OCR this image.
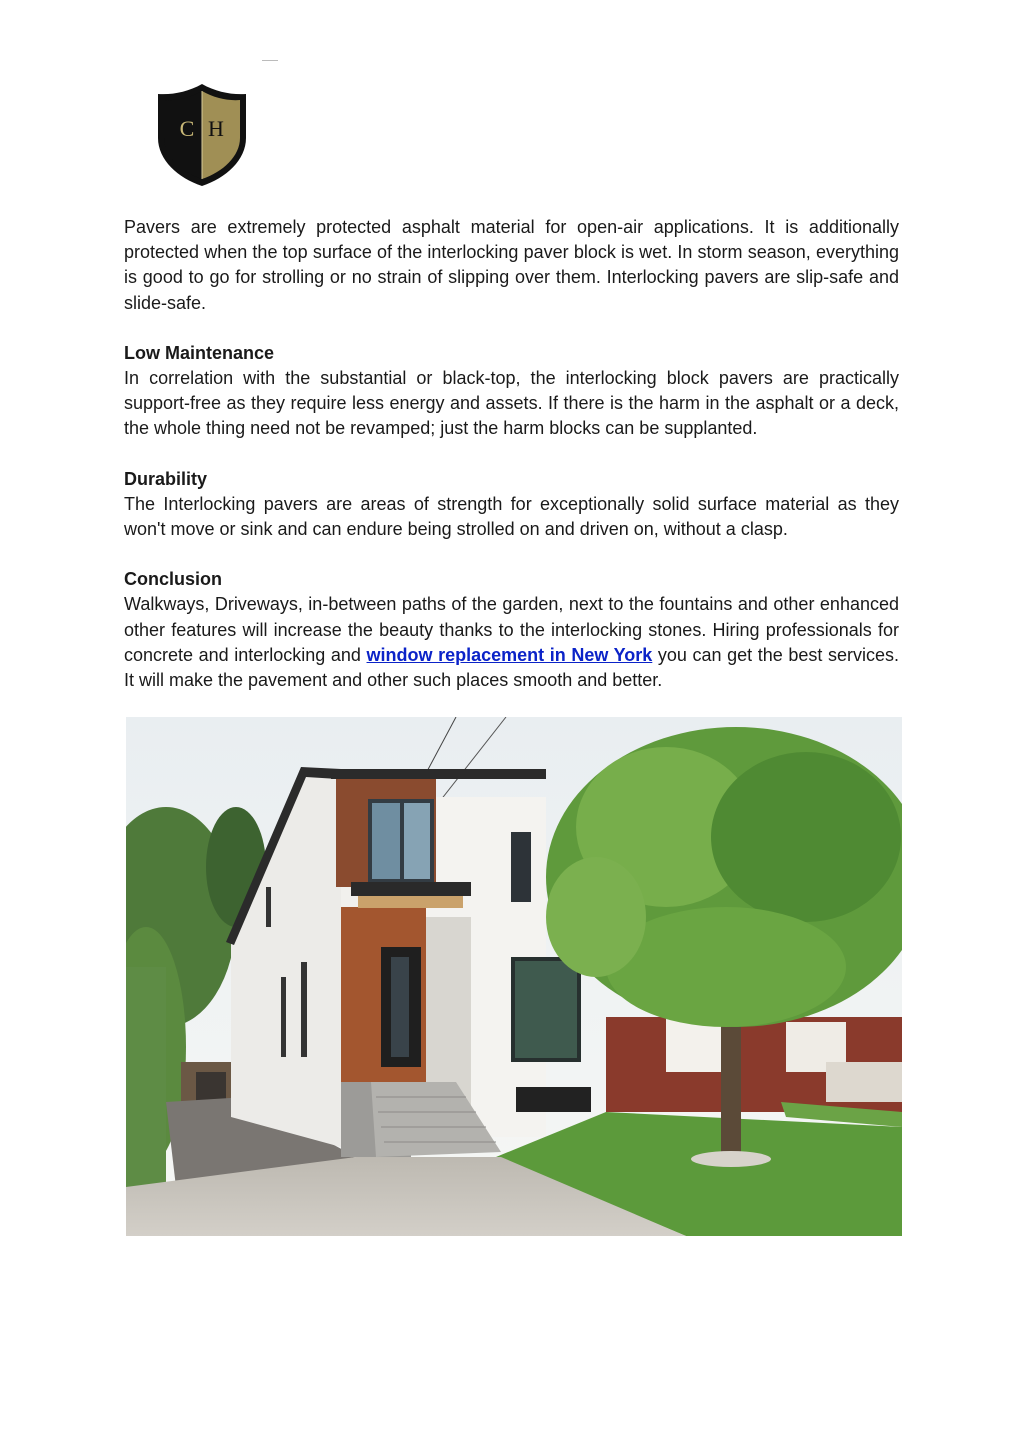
C H

Pavers are extremely protected asphalt material for open-air applications. It is additionally protected when the top surface of the interlocking paver block is wet. In storm season, everything is good to go for strolling or no strain of slipping over them. Interlocking pavers are slip-safe and slide-safe.

Low Maintenance
In correlation with the substantial or black-top, the interlocking block pavers are practically support-free as they require less energy and assets. If there is the harm in the asphalt or a deck, the whole thing need not be revamped; just the harm blocks can be supplanted.

Durability
The Interlocking pavers are areas of strength for exceptionally solid surface material as they won't move or sink and can endure being strolled on and driven on, without a clasp.

Conclusion
Walkways, Driveways, in-between paths of the garden, next to the fountains and other enhanced other features will increase the beauty thanks to the interlocking stones. Hiring professionals for concrete and interlocking and window replacement in New York you can get the best services. It will make the pavement and other such places smooth and better.
